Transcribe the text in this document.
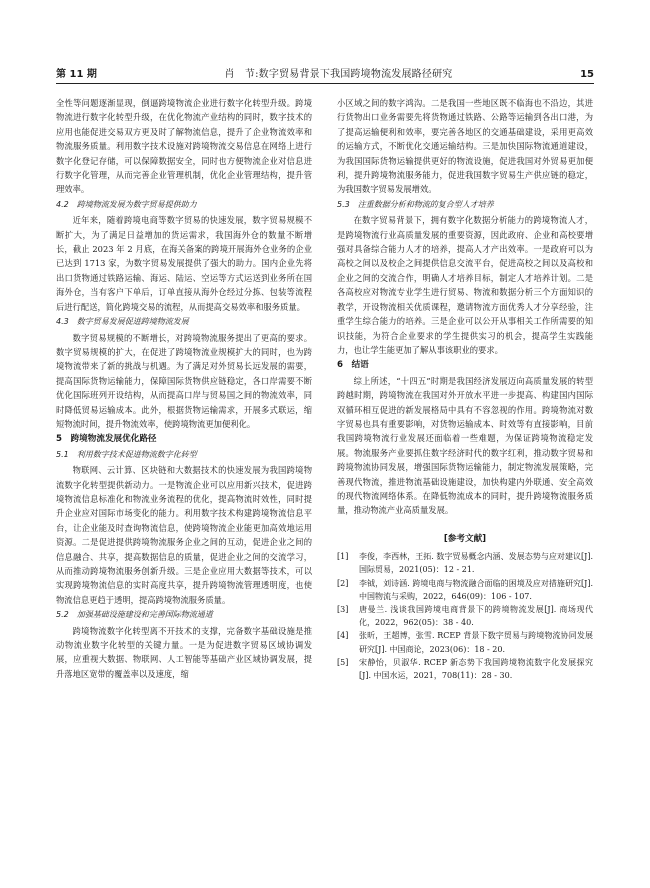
第 11 期	肖　节:数字贸易背景下我国跨境物流发展路径研究	15

全性等问题逐渐显现，倒逼跨境物流企业进行数字化转型升级。跨境物流进行数字化转型升级，在优化物流产业结构的同时，数字技术的应用也能促进交易双方更及时了解物流信息，提升了企业物流效率和物流服务质量。利用数字技术设施对跨境物流交易信息在网络上进行数字化登记存储，可以保障数据安全，同时也方便物流企业对信息进行数字化管理，从而完善企业管理机制，优化企业管理结构，提升管理效率。

4.2　跨境物流发展为数字贸易提供助力

近年来，随着跨境电商等数字贸易的快速发展，数字贸易规模不断扩大，为了满足日益增加的货运需求，我国海外仓的数量不断增长，截止 2023 年 2 月底，在海关备案的跨境开展海外仓业务的企业已达到 1713 家，为数字贸易发展提供了强大的助力。国内企业先将出口货物通过铁路运输、海运、陆运、空运等方式运送到业务所在国海外仓，当有客户下单后，订单直接从海外仓经过分拣、包装等流程后进行配送，简化跨境交易的流程，从而提高交易效率和服务质量。

4.3　数字贸易发展促进跨境物流发展

数字贸易规模的不断增长，对跨境物流服务提出了更高的要求。数字贸易规模的扩大，在促进了跨境物流业规模扩大的同时，也为跨境物流带来了新的挑战与机遇。为了满足对外贸易长远发展的需要，提高国际货物运输能力，保障国际货物供应链稳定，各口岸需要不断优化国际班列开设结构，从而提高口岸与贸易国之间的物流效率，同时降低贸易运输成本。此外，根据货物运输需求，开展多式联运，缩短物流时间，提升物流效率，使跨境物流更加便利化。

5　跨境物流发展优化路径
5.1　利用数字技术促进物流数字化转型

物联网、云计算、区块链和大数据技术的快速发展为我国跨境物流数字化转型提供新动力。一是物流企业可以应用新兴技术，促进跨境物流信息标准化和物流业务流程的优化，提高物流时效性，同时提升企业应对国际市场变化的能力。利用数字技术构建跨境物流信息平台，让企业能及时查询物流信息，使跨境物流企业能更加高效地运用资源。二是促进提供跨境物流服务企业之间的互动，促进企业之间的信息融合、共享，提高数据信息的质量，促进企业之间的交流学习，从而推动跨境物流服务创新升级。三是企业应用大数据等技术，可以实现跨境物流信息的实时高度共享，提升跨境物流管理透明度，也使物流信息更趋于透明，提高跨境物流服务质量。

5.2　加强基础设施建设和完善国际物流通道

跨境物流数字化转型离不开技术的支撑，完备数字基础设施是推动物流业数字化转型的关键力量。一是为促进数字贸易区域协调发展，应重视大数据、物联网、人工智能等基础产业区域协调发展，提升落地区宽带的覆盖率以及速度，缩

小区域之间的数字鸿沟。二是我国一些地区既不临海也不沿边，其进行货物出口业务需要先将货物通过铁路、公路等运输到各出口港，为了提高运输便利和效率，要完善各地区的交通基础建设，采用更高效的运输方式，不断优化交通运输结构。三是加快国际物流通道建设，为我国国际货物运输提供更好的物流设施，促进我国对外贸易更加便利，提升跨境物流服务能力，促进我国数字贸易生产供应链的稳定，为我国数字贸易发展增效。

5.3　注重数据分析和物流的复合型人才培养

在数字贸易背景下，拥有数字化数据分析能力的跨境物流人才，是跨境物流行业高质量发展的重要资源，因此政府、企业和高校要增强对具备综合能力人才的培养，提高人才产出效率。一是政府可以为高校之间以及校企之间提供信息交流平台，促进高校之间以及高校和企业之间的交流合作，明确人才培养目标，制定人才培养计划。二是各高校应对物流专业学生进行贸易、物流和数据分析三个方面知识的教学，开设物流相关优质课程，邀请物流方面优秀人才分享经验，注重学生综合能力的培养。三是企业可以公开从事相关工作所需要的知识技能，为符合企业要求的学生提供实习的机会，提高学生实践能力，也让学生能更加了解从事该职业的要求。

6　结语

综上所述，“十四五”时期是我国经济发展迈向高质量发展的转型跨越时期，跨境物流在我国对外开放水平进一步提高、构建国内国际双循环相互促进的新发展格局中具有不容忽视的作用。跨境物流对数字贸易也具有重要影响，对货物运输成本、时效等有直接影响，目前我国跨境物流行业发展还面临着一些难题，为保证跨境物流稳定发展。物流服务产业要抓住数字经济时代的数字红利，推动数字贸易和跨境物流协同发展，增强国际货物运输能力，制定物流发展策略，完善现代物流，推进物流基础设施建设，加快构建内外联通、安全高效的现代物流网络体系。在降低物流成本的同时，提升跨境物流服务质量，推动物流产业高质量发展。

[参考文献]
[1]	李俊，李西林，王拓. 数字贸易概念内涵、发展态势与应对建议[J]. 国际贸易，2021(05)：12 - 21.
[2]	李钺，刘诗涵. 跨境电商与物流融合面临的困境及应对措施研究[J]. 中国物流与采购，2022，646(09)：106 - 107.
[3]	唐曼兰. 浅谈我国跨境电商背景下的跨境物流发展[J]. 商场现代化，2022，962(05)：38 - 40.
[4]	张昕，王超博，张雪. RCEP 背景下数字贸易与跨境物流协同发展研究[J]. 中国商论，2023(06)：18 - 20.
[5]	宋静怡，贝淑华. RCEP 新态势下我国跨境物流数字化发展探究[J]. 中国水运，2021，708(11)：28 - 30.
